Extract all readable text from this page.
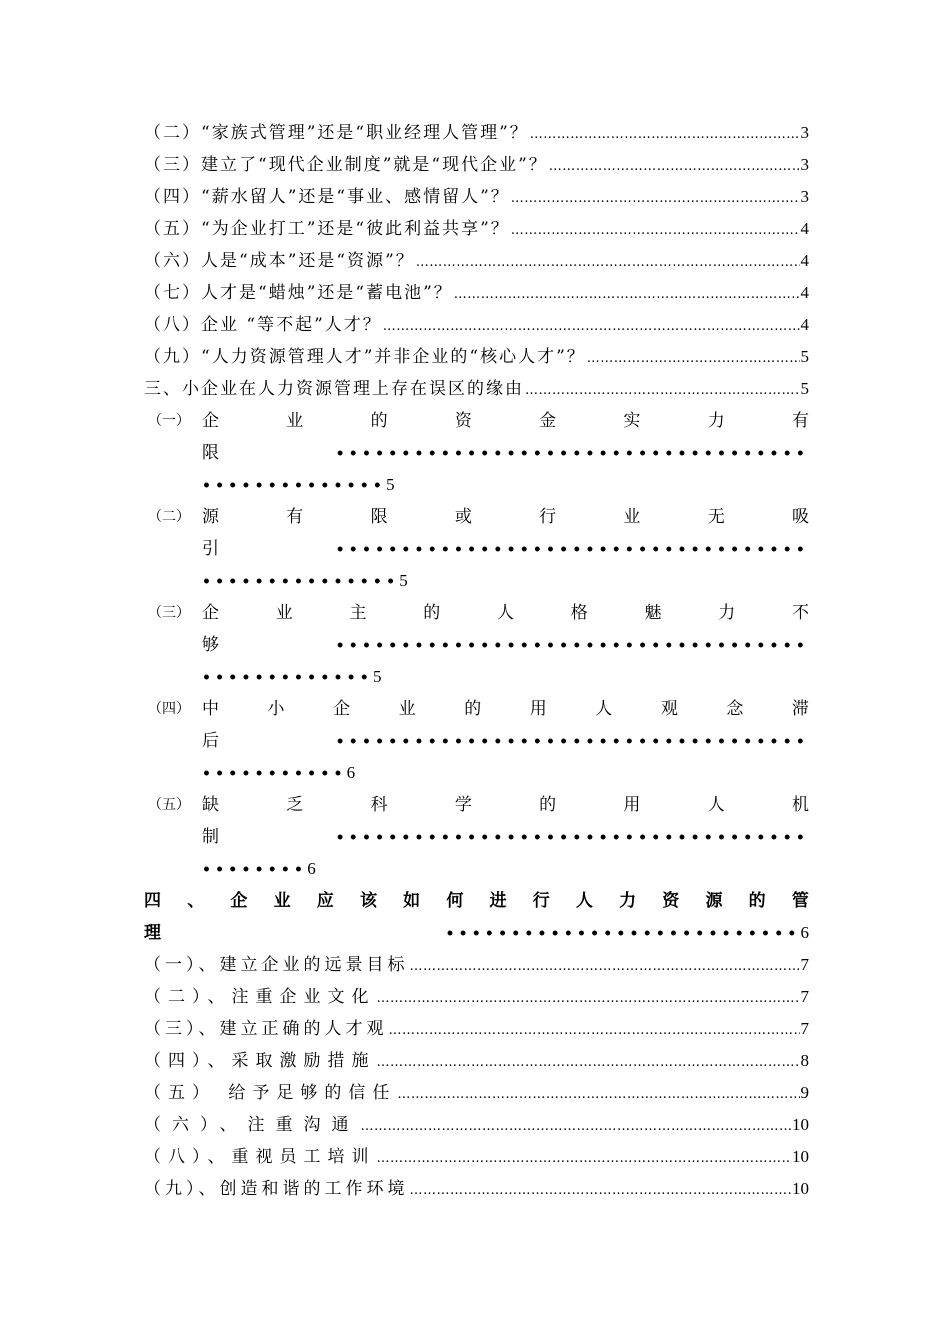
（二）“家族式管理”还是“职业经理人管理”？ ………………………………………………………………………………………………………………………………………………………………	3
（三）建立了“现代企业制度”就是“现代企业”？ ………………………………………………………………………………………………………………………………………………………………	3
（四）“薪水留人”还是“事业、感情留人”？ ………………………………………………………………………………………………………………………………………………………………	3
（五）“为企业打工”还是“彼此利益共享”？ ………………………………………………………………………………………………………………………………………………………………	4
（六）人是“成本”还是“资源”？ ………………………………………………………………………………………………………………………………………………………………	4
（七）人才是“蜡烛”还是“蓄电池”？ ………………………………………………………………………………………………………………………………………………………………	4
（八）企业 “等不起”人才？ ………………………………………………………………………………………………………………………………………………………………	4
（九）“人力资源管理人才”并非企业的“核心人才”？ ………………………………………………………………………………………………………………………………………………………………	5
三、小企业在人力资源管理上存在误区的缘由 ………………………………………………………………………………………………………………………………………………………………	5
（一） 企	业	的	资	金	实	力	有
限	••••••••••••••••••••••••••••••••••••
•••••••••••••• 5
（二） 源	有	限	或	行	业	无	吸
引	••••••••••••••••••••••••••••••••••••
••••••••••••••• 5
（三） 企	业	主	的	人	格	魅	力	不
够	••••••••••••••••••••••••••••••••••••
••••••••••••• 5
（四） 中	小	企	业	的	用	人	观	念	滞
后	••••••••••••••••••••••••••••••••••••
••••••••••• 6
（五） 缺	乏	科	学	的	用	人	机
制	••••••••••••••••••••••••••••••••••••
•••••••• 6
四 、 企 业 应 该 如 何 进 行 人 力 资 源 的 管
理	••••••••••••••••••••••••••• 6
（一）、建立企业的远景目标 ………………………………………………………………………………………………………………………………………………………………	7
（二）、注重企业文化 ………………………………………………………………………………………………………………………………………………………………	7
（三）、建立正确的人才观 ………………………………………………………………………………………………………………………………………………………………	7
（四）、采取激励措施 ………………………………………………………………………………………………………………………………………………………………	8
（五） 给予足够的信任 ………………………………………………………………………………………………………………………………………………………………	9
（六）、注重沟通 ………………………………………………………………………………………………………………………………………………………………	10
（八）、重视员工培训 ………………………………………………………………………………………………………………………………………………………………	10
（九）、创造和谐的工作环境 ………………………………………………………………………………………………………………………………………………………………	10
